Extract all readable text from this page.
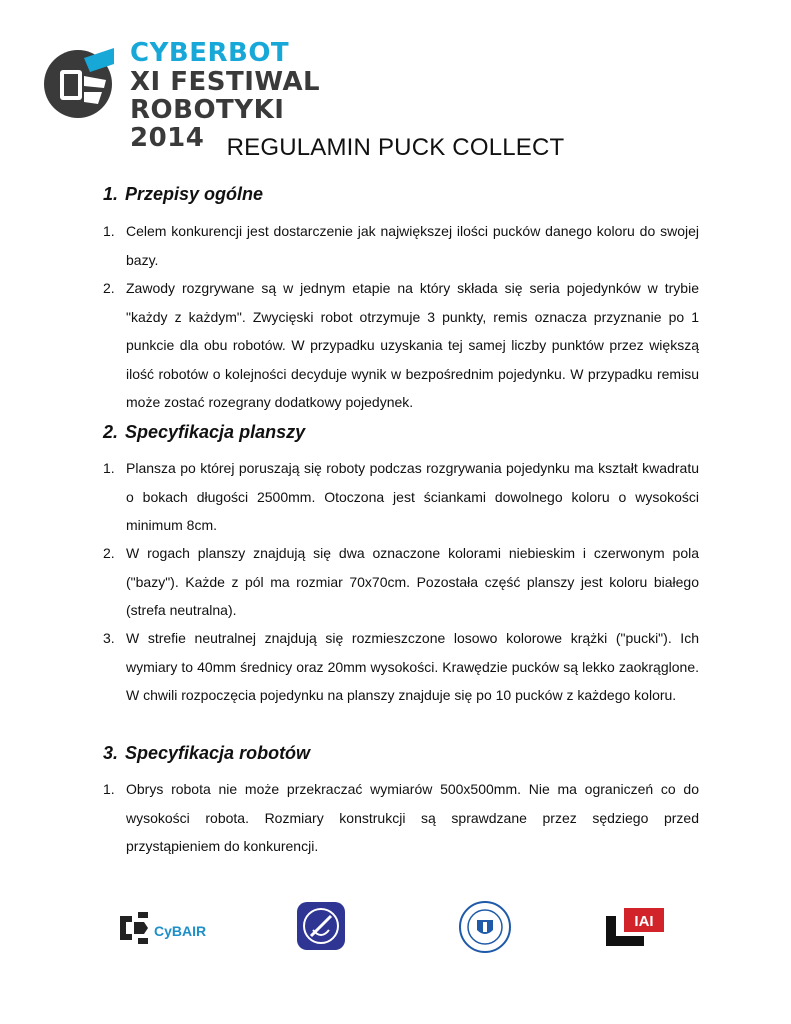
CYBERBOT
XI FESTIWAL ROBOTYKI
2014 REGULAMIN PUCK COLLECT
1. Przepisy ogólne
1. Celem konkurencji jest dostarczenie jak największej ilości pucków danego koloru do swojej bazy.
2. Zawody rozgrywane są w jednym etapie na który składa się seria pojedynków w trybie "każdy z każdym". Zwycięski robot otrzymuje 3 punkty, remis oznacza przyznanie po 1 punkcie dla obu robotów. W przypadku uzyskania tej samej liczby punktów przez większą ilość robotów o kolejności decyduje wynik w bezpośrednim pojedynku. W przypadku remisu może zostać rozegrany dodatkowy pojedynek.
2. Specyfikacja planszy
1. Plansza po której poruszają się roboty podczas rozgrywania pojedynku ma kształt kwadratu o bokach długości 2500mm. Otoczona jest ściankami dowolnego koloru o wysokości minimum 8cm.
2. W rogach planszy znajdują się dwa oznaczone kolorami niebieskim i czerwonym pola ("bazy"). Każde z pól ma rozmiar 70x70cm. Pozostała część planszy jest koloru białego (strefa neutralna).
3. W strefie neutralnej znajdują się rozmieszczone losowo kolorowe krążki ("pucki"). Ich wymiary to 40mm średnicy oraz 20mm wysokości. Krawędzie pucków są lekko zaokrąglone. W chwili rozpoczęcia pojedynku na planszy znajduje się po 10 pucków z każdego koloru.
3. Specyfikacja robotów
1. Obrys robota nie może przekraczać wymiarów 500x500mm. Nie ma ograniczeń co do wysokości robota. Rozmiary konstrukcji są sprawdzane przez sędziego przed przystąpieniem do konkurencji.
CyBAIR
IAI
